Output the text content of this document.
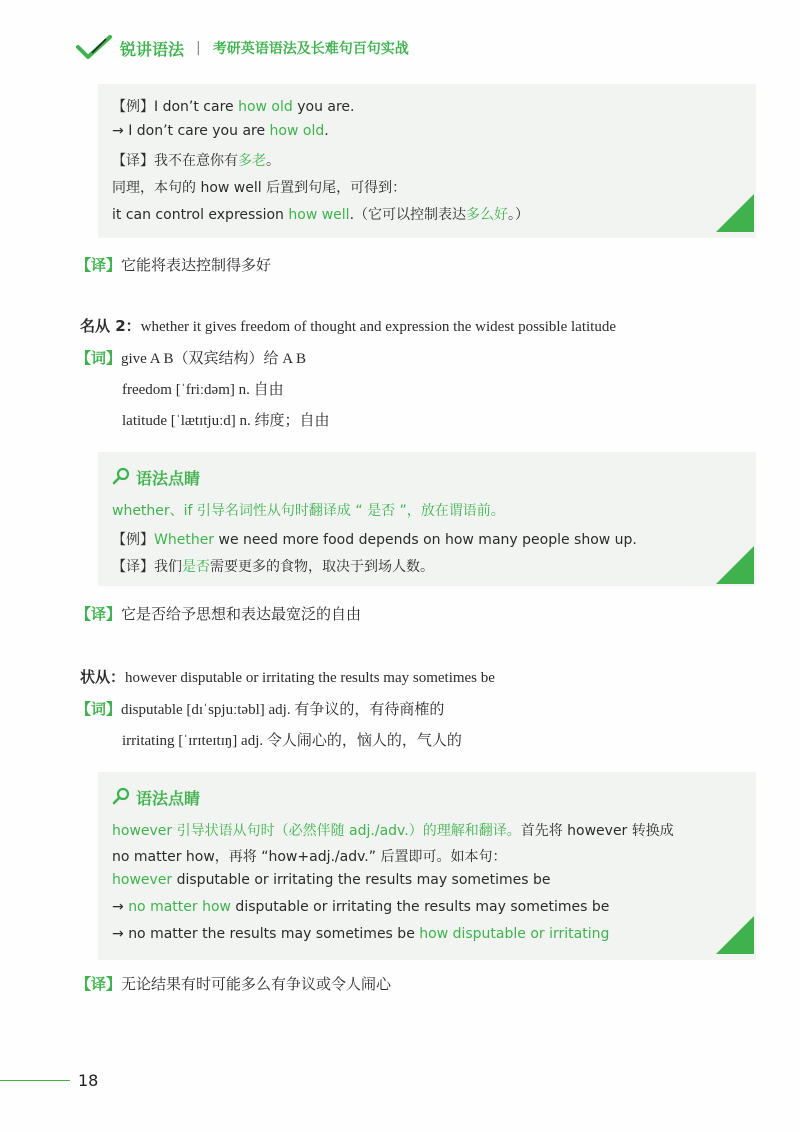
锐讲语法 | 考研英语语法及长难句百句实战
【例】I don’t care how old you are.
→ I don’t care you are how old.
【译】我不在意你有多老。
同理，本句的 how well 后置到句尾，可得到：
it can control expression how well.（它可以控制表达多么好。）
【译】它能将表达控制得多好
名从 2：whether it gives freedom of thought and expression the widest possible latitude
【词】give A B（双宾结构）给 A B
freedom [ˈfriːdəm] n. 自由
latitude [ˈlætɪtjuːd] n. 纬度；自由
语法点睛
whether、if 引导名词性从句时翻译成 “ 是否 ”，放在谓语前。
【例】Whether we need more food depends on how many people show up.
【译】我们是否需要更多的食物，取决于到场人数。
【译】它是否给予思想和表达最宽泛的自由
状从：however disputable or irritating the results may sometimes be
【词】disputable [dɪˈspjuːtəbl] adj. 有争议的，有待商榷的
irritating [ˈɪrɪteɪtɪŋ] adj. 令人闹心的，恼人的，气人的
语法点睛
however 引导状语从句时（必然伴随 adj./adv.）的理解和翻译。首先将 however 转换成
no matter how，再将 “how+adj./adv.” 后置即可。如本句：
however disputable or irritating the results may sometimes be
→ no matter how disputable or irritating the results may sometimes be
→ no matter the results may sometimes be how disputable or irritating
【译】无论结果有时可能多么有争议或令人闹心
18
